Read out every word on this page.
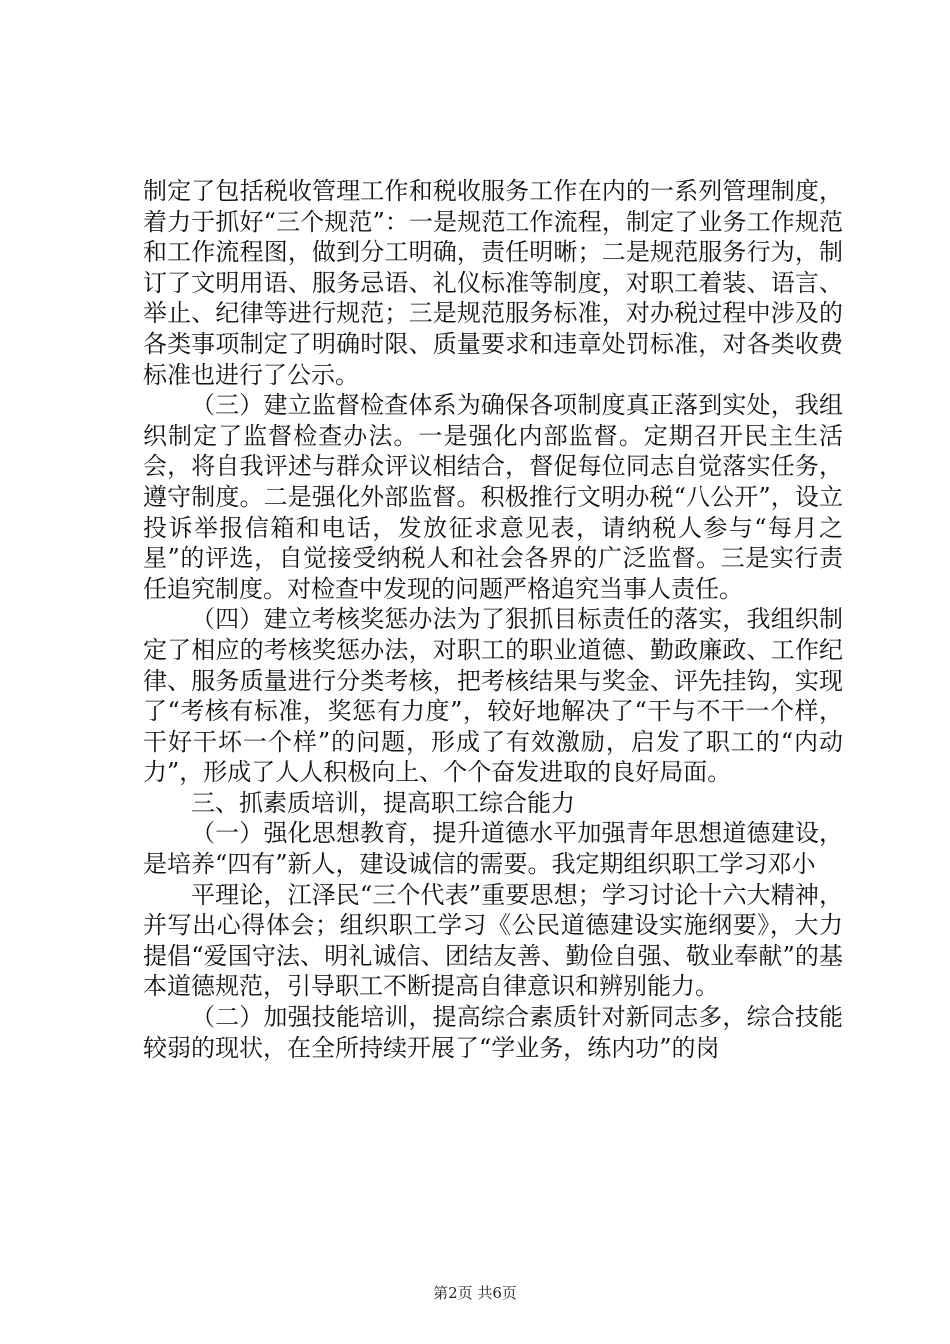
制定了包括税收管理工作和税收服务工作在内的一系列管理制度，着力于抓好“三个规范”：一是规范工作流程，制定了业务工作规范和工作流程图，做到分工明确，责任明晰；二是规范服务行为，制订了文明用语、服务忌语、礼仪标准等制度，对职工着装、语言、举止、纪律等进行规范；三是规范服务标准，对办税过程中涉及的各类事项制定了明确时限、质量要求和违章处罚标准，对各类收费标准也进行了公示。

（三）建立监督检查体系为确保各项制度真正落到实处，我组织制定了监督检查办法。一是强化内部监督。定期召开民主生活会，将自我评述与群众评议相结合，督促每位同志自觉落实任务，遵守制度。二是强化外部监督。积极推行文明办税“八公开”，设立投诉举报信箱和电话，发放征求意见表，请纳税人参与“每月之星”的评选，自觉接受纳税人和社会各界的广泛监督。三是实行责任追究制度。对检查中发现的问题严格追究当事人责任。

（四）建立考核奖惩办法为了狠抓目标责任的落实，我组织制定了相应的考核奖惩办法，对职工的职业道德、勤政廉政、工作纪律、服务质量进行分类考核，把考核结果与奖金、评先挂钩，实现了“考核有标准，奖惩有力度”，较好地解决了“干与不干一个样，干好干坏一个样”的问题，形成了有效激励，启发了职工的“内动力”，形成了人人积极向上、个个奋发进取的良好局面。

三、抓素质培训，提高职工综合能力

（一）强化思想教育，提升道德水平加强青年思想道德建设，是培养“四有”新人，建设诚信的需要。我定期组织职工学习邓小

平理论，江泽民“三个代表”重要思想；学习讨论十六大精神，并写出心得体会；组织职工学习《公民道德建设实施纲要》，大力提倡“爱国守法、明礼诚信、团结友善、勤俭自强、敬业奉献”的基本道德规范，引导职工不断提高自律意识和辨别能力。

（二）加强技能培训，提高综合素质针对新同志多，综合技能较弱的现状，在全所持续开展了“学业务，练内功”的岗

第2页 共6页
